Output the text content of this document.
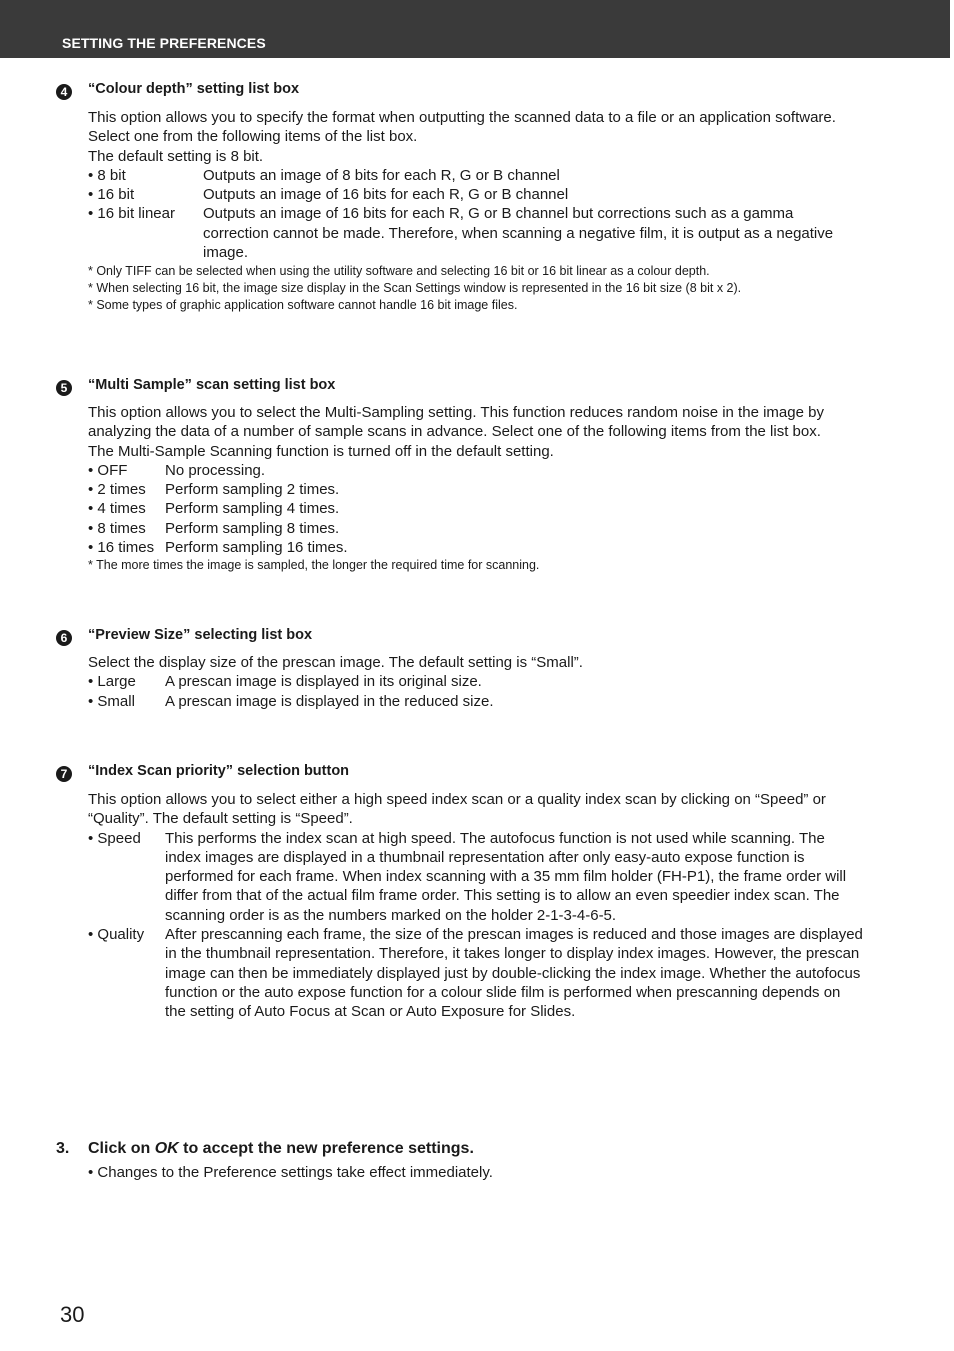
SETTING THE PREFERENCES
4	“Colour depth” setting list box

This option allows you to specify the format when outputting the scanned data to a file or an application software. Select one from the following items of the list box.

The default setting is 8 bit.

• 8 bit	Outputs an image of 8 bits for each R, G or B channel
• 16 bit	Outputs an image of 16 bits for each R, G or B channel
• 16 bit linear	Outputs an image of 16 bits for each R, G or B channel but corrections such as a gamma correction cannot be made. Therefore, when scanning a negative film, it is output as a negative image.

* Only TIFF can be selected when using the utility software and selecting 16 bit or 16 bit linear as a colour depth.

* When selecting 16 bit, the image size display in the Scan Settings window is represented in the 16 bit size (8 bit x 2).

* Some types of graphic application software cannot handle 16 bit image files.

5	“Multi Sample” scan setting list box

This option allows you to select the Multi-Sampling setting. This function reduces random noise in the image by analyzing the data of a number of sample scans in advance. Select one of the following items from the list box.

The Multi-Sample Scanning function is turned off in the default setting.

• OFF	No processing.
• 2 times	Perform sampling 2 times.
• 4 times	Perform sampling 4 times.
• 8 times	Perform sampling 8 times.
• 16 times Perform sampling 16 times.

* The more times the image is sampled, the longer the required time for scanning.

6	“Preview Size” selecting list box

Select the display size of the prescan image. The default setting is “Small”.

• Large	A prescan image is displayed in its original size.
• Small	A prescan image is displayed in the reduced size.
7	“Index Scan priority” selection button

This option allows you to select either a high speed index scan or a quality index scan by clicking on “Speed” or “Quality”. The default setting is “Speed”.

• Speed	This performs the index scan at high speed. The autofocus function is not used while scanning. The index images are displayed in a thumbnail representation after only easy-auto expose function is performed for each frame. When index scanning with a 35 mm film holder (FH-P1), the frame order will differ from that of the actual film frame order. This setting is to allow an even speedier index scan. The scanning order is as the numbers marked on the holder 2-1-3-4-6-5.
• Quality	After prescanning each frame, the size of the prescan images is reduced and those images are displayed in the thumbnail representation. Therefore, it takes longer to display index images. However, the prescan image can then be immediately displayed just by double-clicking the index image. Whether the autofocus function or the auto expose function for a colour slide film is performed when prescanning depends on the setting of Auto Focus at Scan or Auto Exposure for Slides.
3. Click on OK to accept the new preference settings.
• Changes to the Preference settings take effect immediately.
30
